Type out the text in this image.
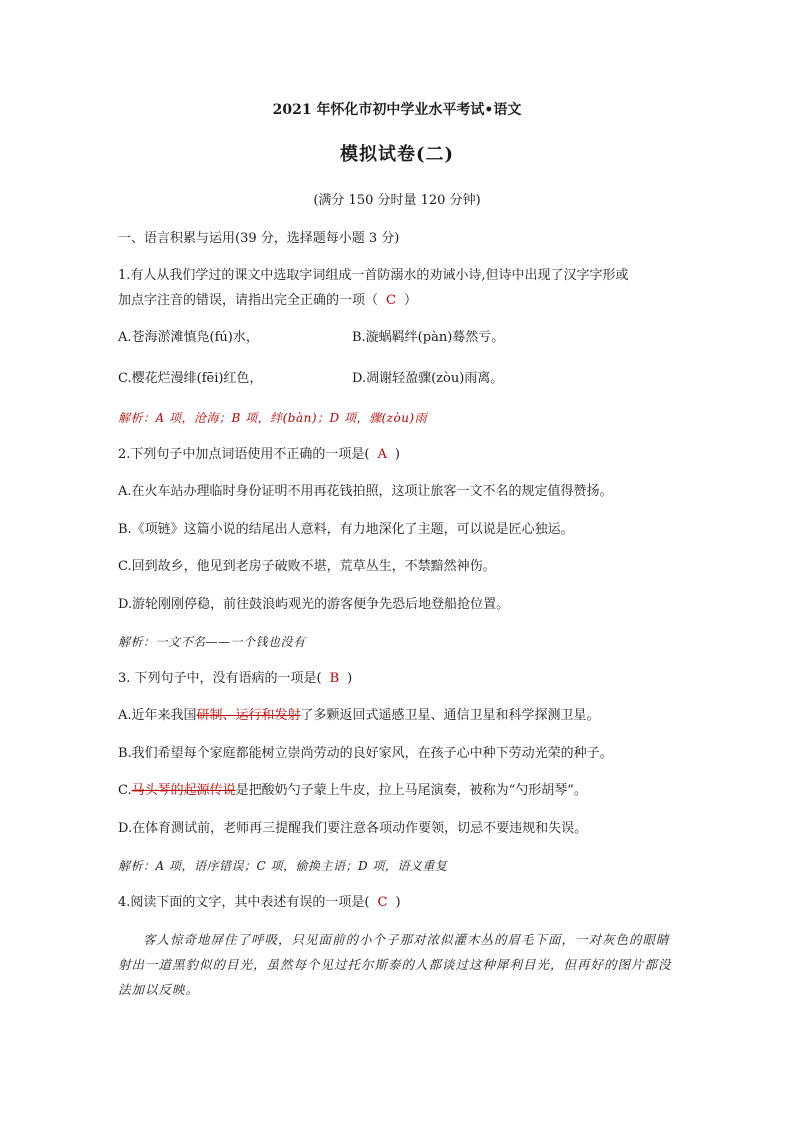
2021 年怀化市初中学业水平考试•语文
模拟试卷(二)
(满分 150 分时量 120 分钟)
一、语言积累与运用(39 分，选择题每小题 3 分)
1.有人从我们学过的课文中选取字词组成一首防溺水的劝诫小诗,但诗中出现了汉字字形或
加点字注音的错误，请指出完全正确的一项（ C ）
A.苍海淤滩慎凫(fú)水，	B.漩蜗羁绊(pàn)蓦然亏。
C.樱花烂漫绯(fēi)红色，	D.凋谢轻盈骤(zòu)雨离。
解析：A 项，沧海；B 项，绊(bàn)；D 项，骤(zòu)雨
2.下列句子中加点词语使用不正确的一项是( A )
A.在火车站办理临时身份证明不用再花钱拍照，这项让旅客一文不名的规定值得赞扬。
B.《项链》这篇小说的结尾出人意料，有力地深化了主题，可以说是匠心独运。
C.回到故乡，他见到老房子破败不堪，荒草丛生，不禁黯然神伤。
D.游轮刚刚停稳，前往鼓浪屿观光的游客便争先恐后地登船抢位置。
解析：一文不名——一个钱也没有
3. 下列句子中，没有语病的一项是( B )
A.近年来我国研制、运行和发射了多颗返回式遥感卫星、通信卫星和科学探测卫星。
B.我们希望每个家庭都能树立崇尚劳动的良好家风，在孩子心中种下劳动光荣的种子。
C.马头琴的起源传说是把酸奶勺子蒙上牛皮，拉上马尾演奏，被称为“勺形胡琴”。
D.在体育测试前，老师再三提醒我们要注意各项动作要领，切忌不要违规和失误。
解析：A 项，语序错误；C 项，偷换主语；D 项，语义重复
4.阅读下面的文字，其中表述有误的一项是( C )

客人惊奇地屏住了呼吸，只见面前的小个子那对浓似灌木丛的眉毛下面，一对灰色的眼睛射出一道黑豹似的目光，虽然每个见过托尔斯泰的人都谈过这种犀利目光，但再好的图片都没法加以反映。
